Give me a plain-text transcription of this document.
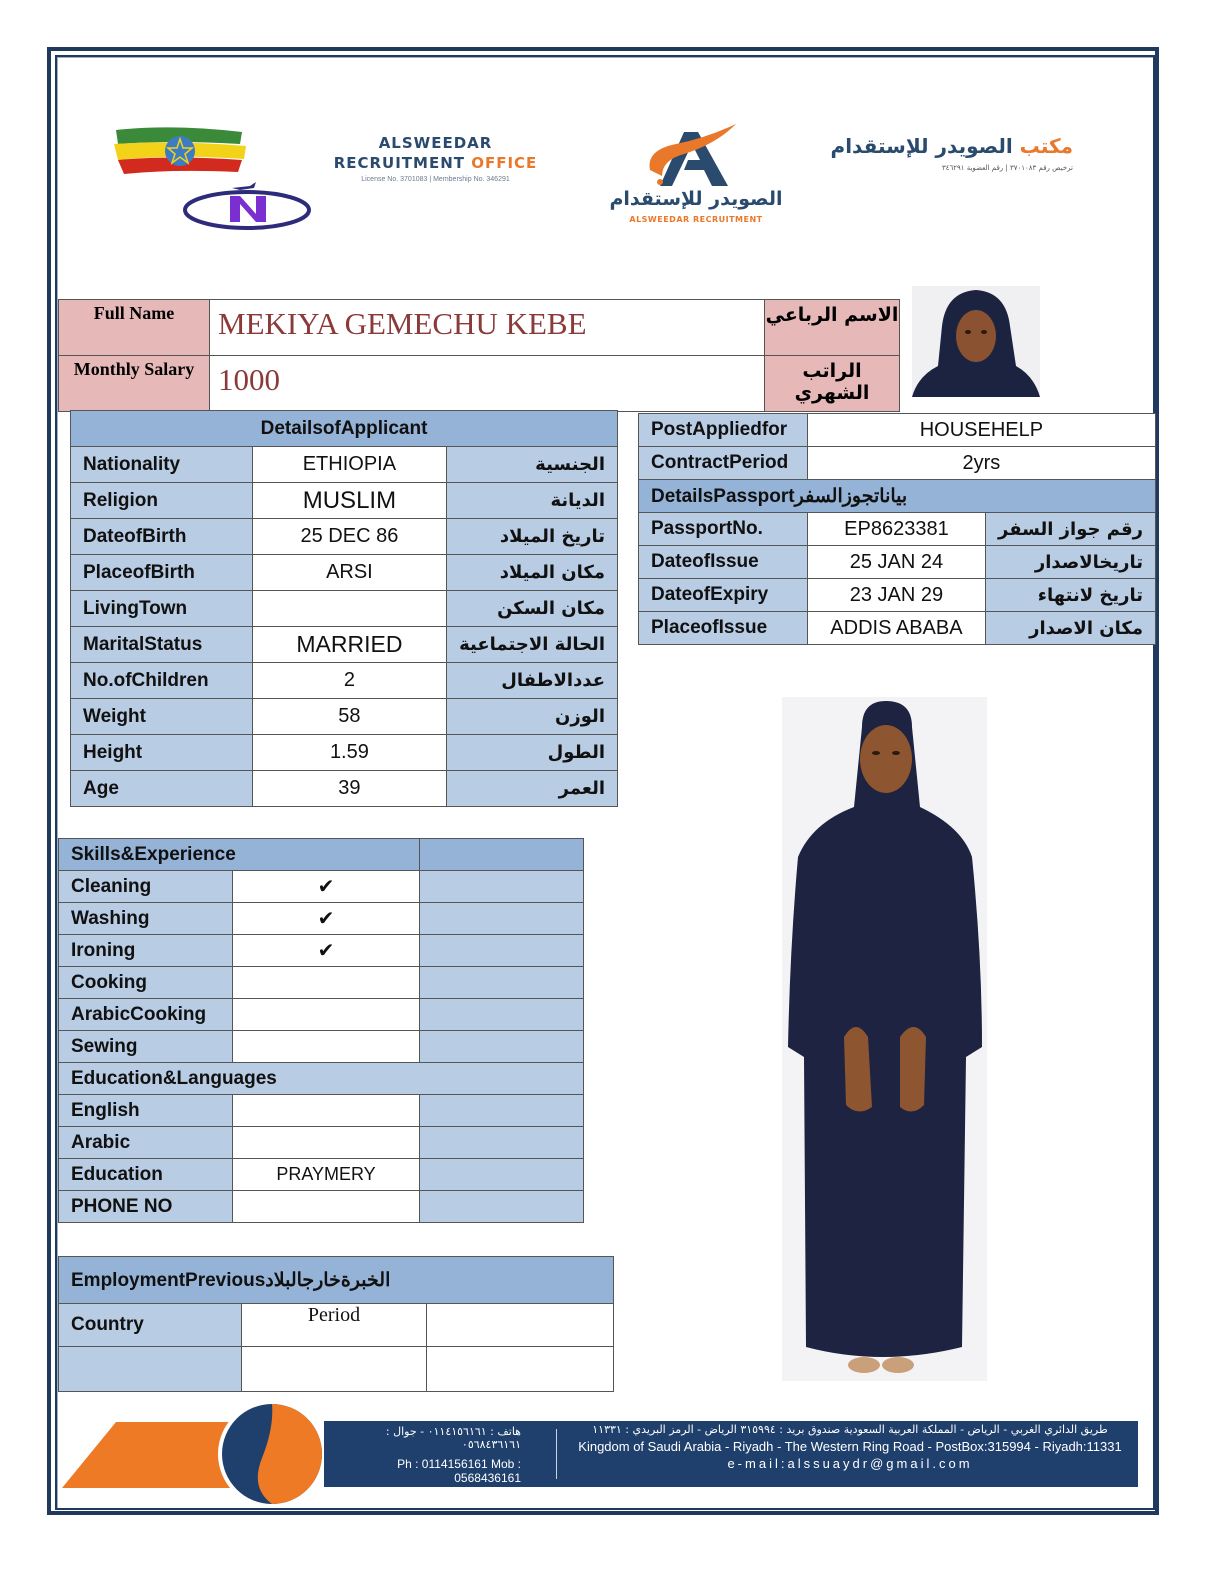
ALSWEEDAR
RECRUITMENT OFFICE
License No. 3701083 | Membership No. 346291
الصويدر للإستقدام
ALSWEEDAR RECRUITMENT
مكتب الصويدر للإستقدام
ترخيص رقم ٣٧٠١٠٨٣ | رقم العضوية ٣٤٦٢٩١
Full Name	MEKIYA GEMECHU KEBE	الاسم الرباعي
Monthly Salary	1000	الراتب الشهري
DetailsofApplicant		
Nationality	ETHIOPIA	الجنسية
Religion	MUSLIM	الديانة
DateofBirth	25 DEC 86	تاريخ الميلاد
PlaceofBirth	ARSI	مكان الميلاد
LivingTown		مكان السكن
MaritalStatus	MARRIED	الحالة الاجتماعية
No.ofChildren	2	عددالاطفال
Weight	58	الوزن
Height	1.59	الطول
Age	39	العمر
PostAppliedfor	HOUSEHELP	
ContractPeriod	2yrs	
DetailsPassportبياناتجوزالسفر		
PassportNo.	EP8623381	رقم جواز السفر
DateofIssue	25 JAN 24	تاريخالاصدار
DateofExpiry	23 JAN 29	تاريخ لانتهاء
PlaceofIssue	ADDIS ABABA	مكان الاصدار
Skills&Experience		
Cleaning	✔	
Washing	✔	
Ironing	✔	
Cooking		
ArabicCooking		
Sewing		
Education&Languages		
English		
Arabic		
Education	PRAYMERY	
PHONE NO		
EmploymentPreviousالخبرةخارجالبلاد		
Country	Period	

هاتف : ٠١١٤١٥٦١٦١ - جوال : ٠٥٦٨٤٣٦١٦١
Ph : 0114156161 Mob : 0568436161
طريق الدائري الغربي - الرياض - المملكة العربية السعودية صندوق بريد : ٣١٥٩٩٤ الرياض - الرمز البريدي : ١١٣٣١
Kingdom of Saudi Arabia - Riyadh - The Western Ring Road - PostBox:315994 - Riyadh:11331
e-mail:alssuaydr@gmail.com
